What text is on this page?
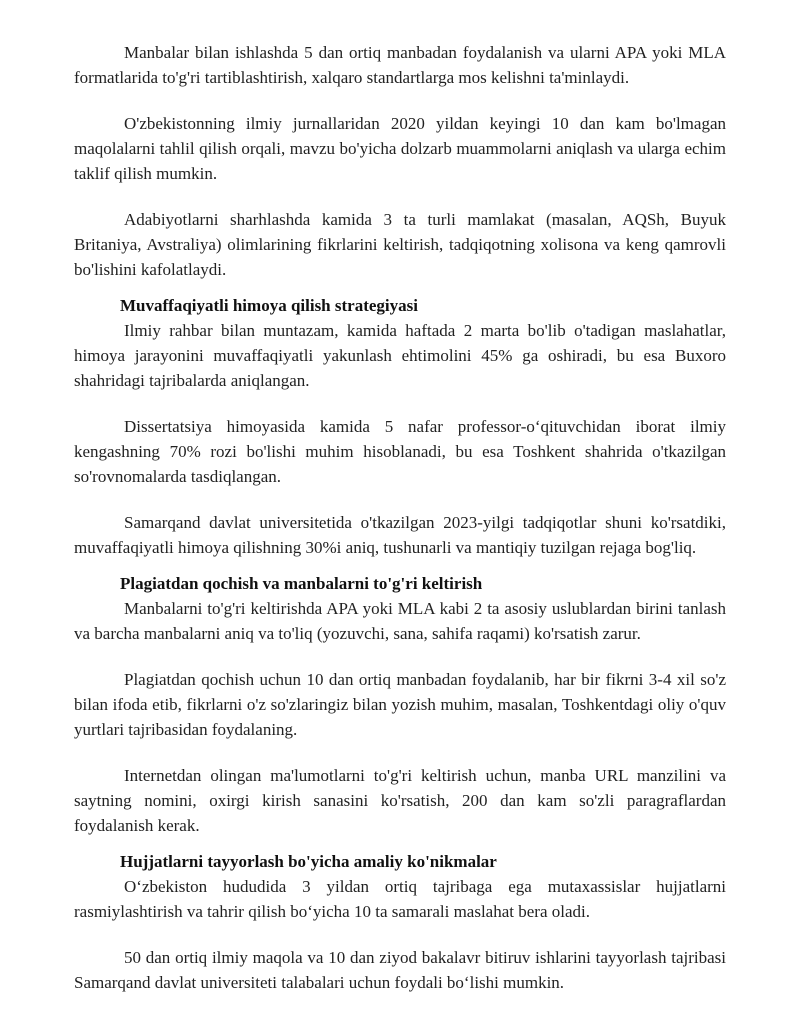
Manbalar bilan ishlashda 5 dan ortiq manbadan foydalanish va ularni APA yoki MLA formatlarida to'g'ri tartiblashtirish, xalqaro standartlarga mos kelishni ta'minlaydi.

O'zbekistonning ilmiy jurnallaridan 2020 yildan keyingi 10 dan kam bo'lmagan maqolalarni tahlil qilish orqali, mavzu bo'yicha dolzarb muammolarni aniqlash va ularga echim taklif qilish mumkin.

Adabiyotlarni sharhlashda kamida 3 ta turli mamlakat (masalan, AQSh, Buyuk Britaniya, Avstraliya) olimlarining fikrlarini keltirish, tadqiqotning xolisona va keng qamrovli bo'lishini kafolatlaydi.

Muvaffaqiyatli himoya qilish strategiyasi

Ilmiy rahbar bilan muntazam, kamida haftada 2 marta bo'lib o'tadigan maslahatlar, himoya jarayonini muvaffaqiyatli yakunlash ehtimolini 45% ga oshiradi, bu esa Buxoro shahridagi tajribalarda aniqlangan.

Dissertatsiya himoyasida kamida 5 nafar professor-o‘qituvchidan iborat ilmiy kengashning 70% rozi bo'lishi muhim hisoblanadi, bu esa Toshkent shahrida o'tkazilgan so'rovnomalarda tasdiqlangan.

Samarqand davlat universitetida o'tkazilgan 2023-yilgi tadqiqotlar shuni ko'rsatdiki, muvaffaqiyatli himoya qilishning 30%i aniq, tushunarli va mantiqiy tuzilgan rejaga bog'liq.

Plagiatdan qochish va manbalarni to'g'ri keltirish

Manbalarni to'g'ri keltirishda APA yoki MLA kabi 2 ta asosiy uslublardan birini tanlash va barcha manbalarni aniq va to'liq (yozuvchi, sana, sahifa raqami) ko'rsatish zarur.

Plagiatdan qochish uchun 10 dan ortiq manbadan foydalanib, har bir fikrni 3-4 xil so'z bilan ifoda etib, fikrlarni o'z so'zlaringiz bilan yozish muhim, masalan, Toshkentdagi oliy o'quv yurtlari tajribasidan foydalaning.

Internetdan olingan ma'lumotlarni to'g'ri keltirish uchun, manba URL manzilini va saytning nomini, oxirgi kirish sanasini ko'rsatish, 200 dan kam so'zli paragraflardan foydalanish kerak.

Hujjatlarni tayyorlash bo'yicha amaliy ko'nikmalar

O‘zbekiston hududida 3 yildan ortiq tajribaga ega mutaxassislar hujjatlarni rasmiylashtirish va tahrir qilish bo‘yicha 10 ta samarali maslahat bera oladi.

50 dan ortiq ilmiy maqola va 10 dan ziyod bakalavr bitiruv ishlarini tayyorlash tajribasi Samarqand davlat universiteti talabalari uchun foydali bo‘lishi mumkin.
